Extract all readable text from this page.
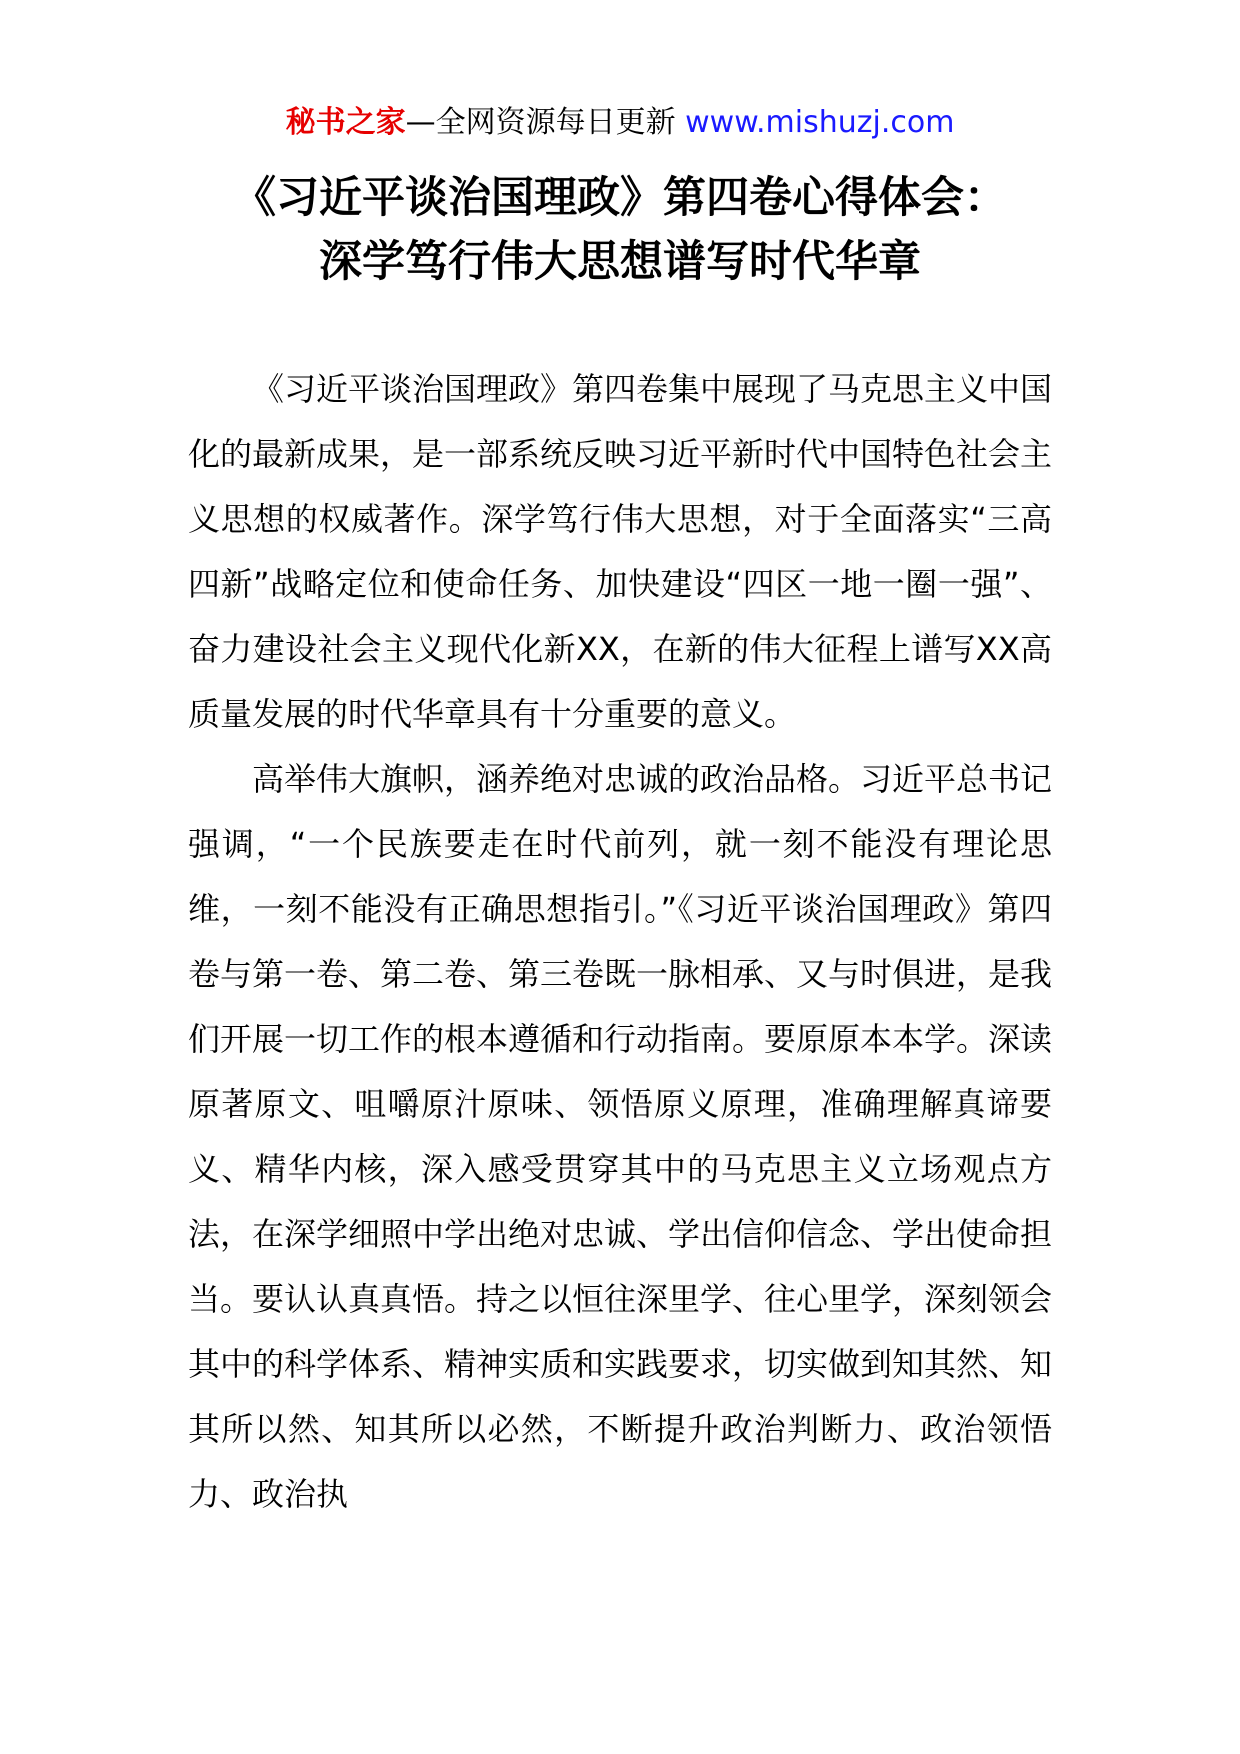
秘书之家—全网资源每日更新 www.mishuzj.com
《习近平谈治国理政》第四卷心得体会：
深学笃行伟大思想谱写时代华章

《习近平谈治国理政》第四卷集中展现了马克思主义中国化的最新成果，是一部系统反映习近平新时代中国特色社会主义思想的权威著作。深学笃行伟大思想，对于全面落实“三高四新”战略定位和使命任务、加快建设“四区一地一圈一强”、奋力建设社会主义现代化新XX，在新的伟大征程上谱写XX高质量发展的时代华章具有十分重要的意义。

高举伟大旗帜，涵养绝对忠诚的政治品格。习近平总书记强调，“一个民族要走在时代前列，就一刻不能没有理论思维，一刻不能没有正确思想指引。”《习近平谈治国理政》第四卷与第一卷、第二卷、第三卷既一脉相承、又与时俱进，是我们开展一切工作的根本遵循和行动指南。要原原本本学。深读原著原文、咀嚼原汁原味、领悟原义原理，准确理解真谛要义、精华内核，深入感受贯穿其中的马克思主义立场观点方法，在深学细照中学出绝对忠诚、学出信仰信念、学出使命担当。要认认真真悟。持之以恒往深里学、往心里学，深刻领会其中的科学体系、精神实质和实践要求，切实做到知其然、知其所以然、知其所以必然，不断提升政治判断力、政治领悟力、政治执
